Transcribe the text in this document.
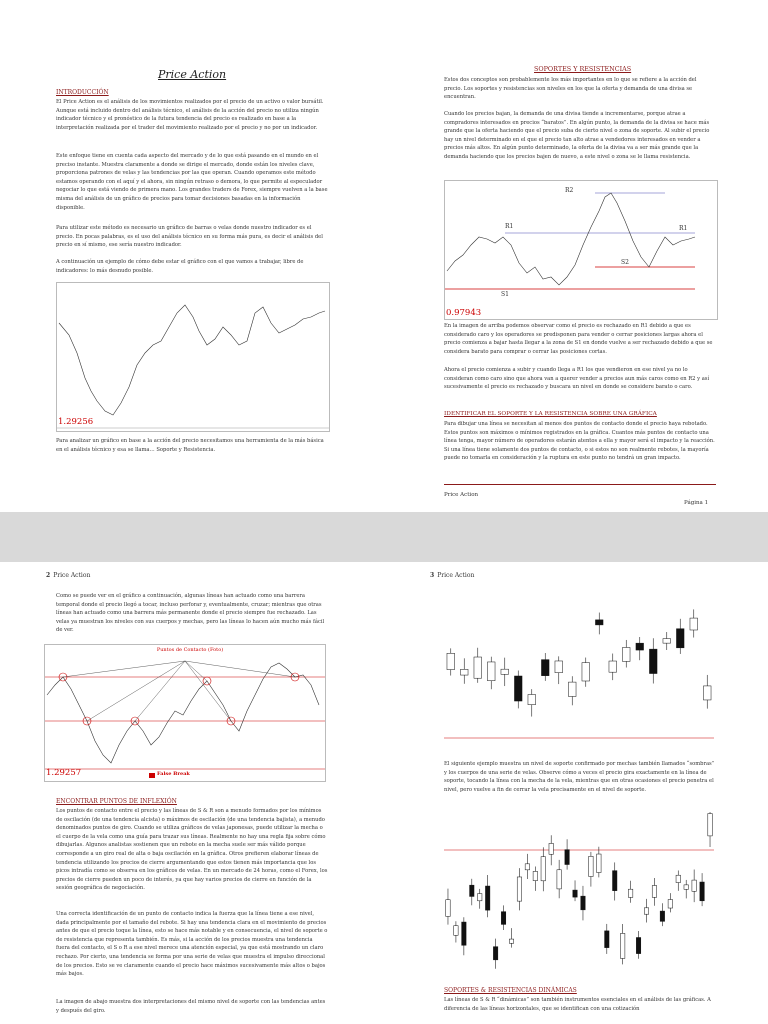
Price Action
INTRODUCCIÓN
El Price Action es el análisis de los movimientos realizados por el precio de un activo o valor bursátil. Aunque está incluido dentro del análisis técnico, el análisis de la acción del precio no utiliza ningún indicador técnico y el pronóstico de la futura tendencia del precio es realizado en base a la interpretación realizada por el trader del movimiento realizado por el precio y no por un indicador.
Este enfoque tiene en cuenta cada aspecto del mercado y de lo que está pasando en el mundo en el preciso instante. Muestra claramente a donde se dirige el mercado, donde están los niveles clave, proporciona patrones de velas y las tendencias por las que operan. Cuando operamos este método estamos operando con el aquí y el ahora, sin ningún retraso o demora, lo que permite al especulador negociar lo que está viendo de primera mano. Los grandes traders de Forex, siempre vuelven a la base misma del análisis de un gráfico de precios para tomar decisiones basadas en la información disponible.
Para utilizar este método es necesario un gráfico de barras o velas donde nuestro indicador es el precio. En pocas palabras, es el uso del análisis técnico en su forma más pura, es decir el análisis del precio en sí mismo, ese sería nuestro indicador.
A continuación un ejemplo de cómo debe estar el gráfico con el que vamos a trabajar, libre de indicadores: lo más desnudo posible.
1.29256
Para analizar un gráfico en base a la acción del precio necesitamos una herramienta de la más básica en el análisis técnico y esa se llama… Soporte y Resistencia.
SOPORTES Y RESISTENCIAS
Estos dos conceptos son probablemente los más importantes en lo que se refiere a la acción del precio. Los soportes y resistencias son niveles en los que la oferta y demanda de una divisa se encuentran.
Cuando los precios bajan, la demanda de una divisa tiende a incrementarse, porque atrae a compradores interesados en precios “baratos”. En algún punto, la demanda de la divisa se hace más grande que la oferta haciendo que el precio suba de cierto nivel o zona de soporte. Al subir el precio hay un nivel determinado en el que el precio tan alto atrae a vendedores interesados en vender a precios más altos. En algún punto determinado, la oferta de la divisa va a ser más grande que la demanda haciendo que los precios bajen de nuevo, a este nivel o zona se le llama resistencia.
R2
R1	R1
S2
S1
0.97943
En la imagen de arriba podemos observar como el precio es rechazado en R1 debido a que es considerado caro y los operadores se predisponen para vender o cerrar posiciones largas ahora el precio comienza a bajar hasta llegar a la zona de S1 en donde vuelve a ser rechazado debido a que se considera barato para comprar o cerrar las posiciones cortas.
Ahora el precio comienza a subir y cuando llega a R1 los que vendieron en ese nivel ya no lo consideran como caro sino que ahora van a querer vender a precios aun más caros como en R2 y así sucesivamente el precio es rechazado y buscara un nivel en donde se considere barato o caro.
IDENTIFICAR EL SOPORTE Y LA RESISTENCIA SOBRE UNA GRÁFICA
Para dibujar una línea se necesitan al menos dos puntos de contacto donde el precio haya rebotado. Estos puntos son máximos o mínimos registrados en la gráfica. Cuantos más puntos de contacto una línea tenga, mayor número de operadores estarán atentos a ella y mayor será el impacto y la reacción. Si una línea tiene solamente dos puntos de contacto, o si estos no son realmente rebotes, la mayoría puede no tomarla en consideración y la ruptura en este punto no tendrá un gran impacto.
Price Action
Página 1
2 Price Action
Como se puede ver en el gráfico a continuación, algunas líneas han actuado como una barrera temporal donde el precio llegó a tocar, incluso perforar y, eventualmente, cruzar; mientras que otras líneas han actuado como una barrera más permanente donde el precio siempre fue rechazado. Las velas ya muestran los niveles con sus cuerpos y mechas, pero las líneas lo hacen aún mucho más fácil de ver.
Puntos de Contacto (Foto)
1.29257	False Break
ENCONTRAR PUNTOS DE INFLEXIÓN
Los puntos de contacto entre el precio y las líneas de S & R son a menudo formados por los mínimos de oscilación (de una tendencia alcista) o máximos de oscilación (de una tendencia bajista), a menudo denominados puntos de giro. Cuando se utiliza gráficos de velas japonesas, puede utilizar la mecha o el cuerpo de la vela como una guía para trazar sus líneas. Realmente no hay una regla fija sobre cómo dibujarlas. Algunos analistas sostienen que un rebote en la mecha suele ser más válido porque corresponde a un giro real de alta o baja oscilación en la gráfica. Otros prefieren elaborar líneas de tendencia utilizando los precios de cierre argumentando que estos tienen más importancia que los picos intradía como se observa en los gráficos de velas. En un mercado de 24 horas, como el Forex, los precios de cierre pueden un poco de interés, ya que hay varios precios de cierre en función de la sesión geográfica de negociación.
Una correcta identificación de un punto de contacto indica la fuerza que la línea tiene a ese nivel, dada principalmente por el tamaño del rebote. Si hay una tendencia clara en el movimiento de precios antes de que el precio toque la línea, esto se hace más notable y en consecuencia, el nivel de soporte o de resistencia que representa también. Es más, si la acción de los precios muestra una tendencia fuera del contacto, el S o R a ese nivel merece una atención especial, ya que está mostrando un claro rechazo. Por cierto, una tendencia se forma por una serie de velas que muestra el impulso direccional de los precios. Esto se ve claramente cuando el precio hace máximos sucesivamente más altos o bajos más bajos.
La imagen de abajo muestra dos interpretaciones del mismo nivel de soporte con las tendencias antes y después del giro.
3 Price Action
El siguiente ejemplo muestra un nivel de soporte confirmado por mechas también llamados “sombras” y los cuerpos de una serie de velas. Observe cómo a veces el precio gira exactamente en la línea de soporte, tocando la línea con la mecha de la vela, mientras que en otras ocasiones el precio penetra el nivel, pero vuelve a fin de cerrar la vela precisamente en el nivel de soporte.
SOPORTES & RESISTENCIAS DINÁMICAS
Las líneas de S & R “dinámicas” son también instrumentos esenciales en el análisis de las gráficas. A diferencia de las líneas horizontales, que se identifican con una cotización
